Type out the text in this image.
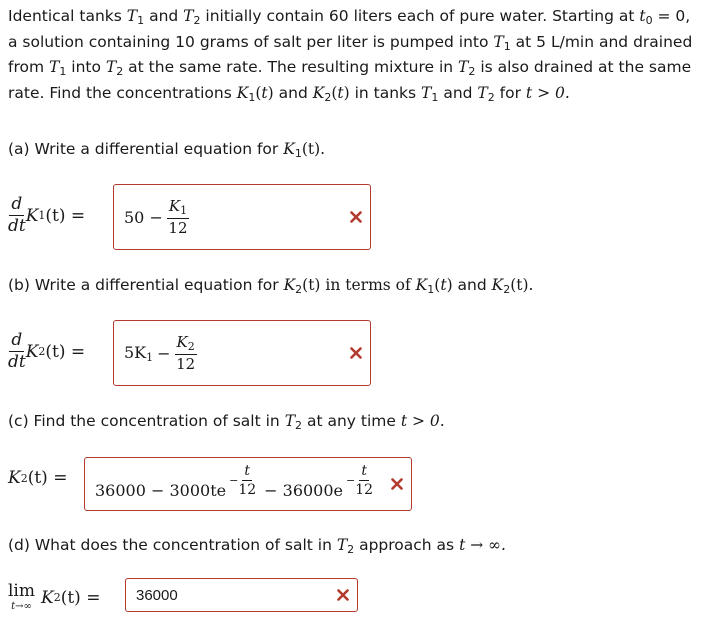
Identical tanks $T_1$ and $T_2$ initially contain 60 liters each of pure water. Starting at $t_0 = 0$, a solution containing 10 grams of salt per liter is pumped into $T_1$ at 5 L/min and drained from $T_1$ into $T_2$ at the same rate. The resulting mixture in $T_2$ is also drained at the same rate. Find the concentrations $K_1(t)$ and $K_2(t)$ in tanks $T_1$ and $T_2$ for t > 0.

(a) Write a differential equation for $K_1(t)$.
$\frac{d}{dt}$ K 1 $(t) = 50 - \frac{K_1}{12}$
(b) Write a differential equation for $K_2(t)$ in terms of $K_1(t)$ and $K_2(t)$.
$\frac{d}{dt}$ K 2 $(t) = 5K_1 - \frac{K_2}{12}$
(c) Find the concentration of salt in $T_2$ at any time t > 0.
K 2 (t) =
36000 − 3000te
− $\frac{t}{12} - 36000e$
− $\frac{t}{12}$
(d) What does the concentration of salt in $T_2$ approach as t → ∞.
lim
t→∞ K 2 (t) =	36000
